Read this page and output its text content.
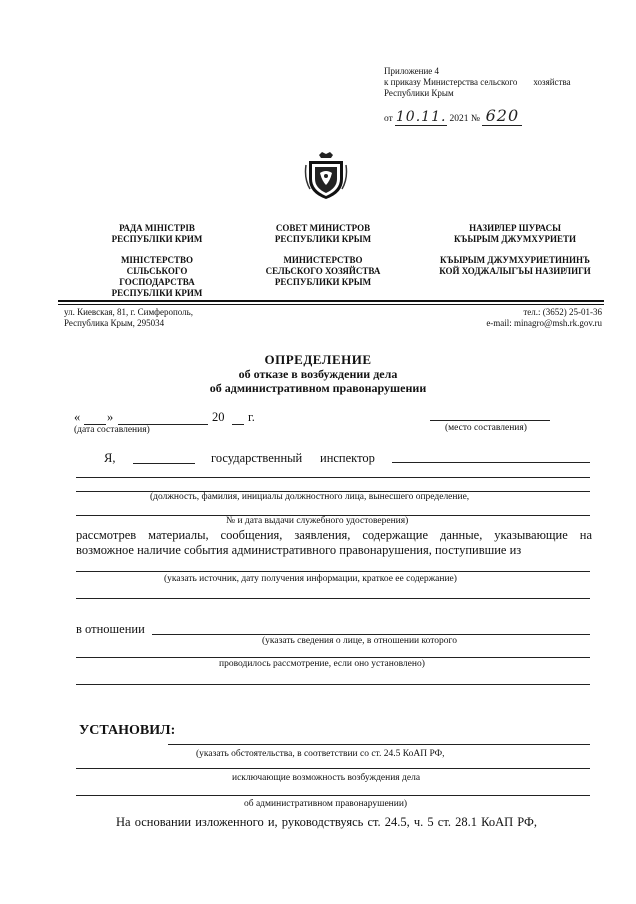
Приложение 4
к приказу Министерства сельского хозяйства
Республики Крым
от 10.11. 2021 № 620
РАДА МІНІСТРІВ
РЕСПУБЛІКИ КРИМ
МІНІСТЕРСТВО
СІЛЬСЬКОГО
ГОСПОДАРСТВА
РЕСПУБЛІКИ КРИМ
СОВЕТ МИНИСТРОВ
РЕСПУБЛИКИ КРЫМ
МИНИСТЕРСТВО
СЕЛЬСКОГО ХОЗЯЙСТВА
РЕСПУБЛИКИ КРЫМ
НАЗИРЛЕР ШУРАСЫ
КЪЫРЫМ ДЖУМХУРИЕТИ
КЪЫРЫМ ДЖУМХУРИЕТИНИНЪ
КОЙ ХОДЖАЛЫГЪЫ НАЗИРЛИГИ
ул. Киевская, 81, г. Симферополь,
Республика Крым, 295034
тел.: (3652) 25-01-36
e-mail: minagro@msh.rk.gov.ru
ОПРЕДЕЛЕНИЕ
об отказе в возбуждении дела
об административном правонарушении
« »	20 г.
(дата составления)	(место составления)
Я,	государственный инспектор
(должность, фамилия, инициалы должностного лица, вынесшего определение,
№ и дата выдачи служебного удостоверения)
рассмотрев материалы, сообщения, заявления, содержащие данные, указывающие на
возможное наличие события административного правонарушения, поступившие из
(указать источник, дату получения информации, краткое ее содержание)
в отношении
(указать сведения о лице, в отношении которого
проводилось рассмотрение, если оно установлено)
УСТАНОВИЛ:
(указать обстоятельства, в соответствии со ст. 24.5 КоАП РФ,
исключающие возможность возбуждения дела
об административном правонарушении)
На основании изложенного и, руководствуясь ст. 24.5, ч. 5 ст. 28.1 КоАП РФ,
